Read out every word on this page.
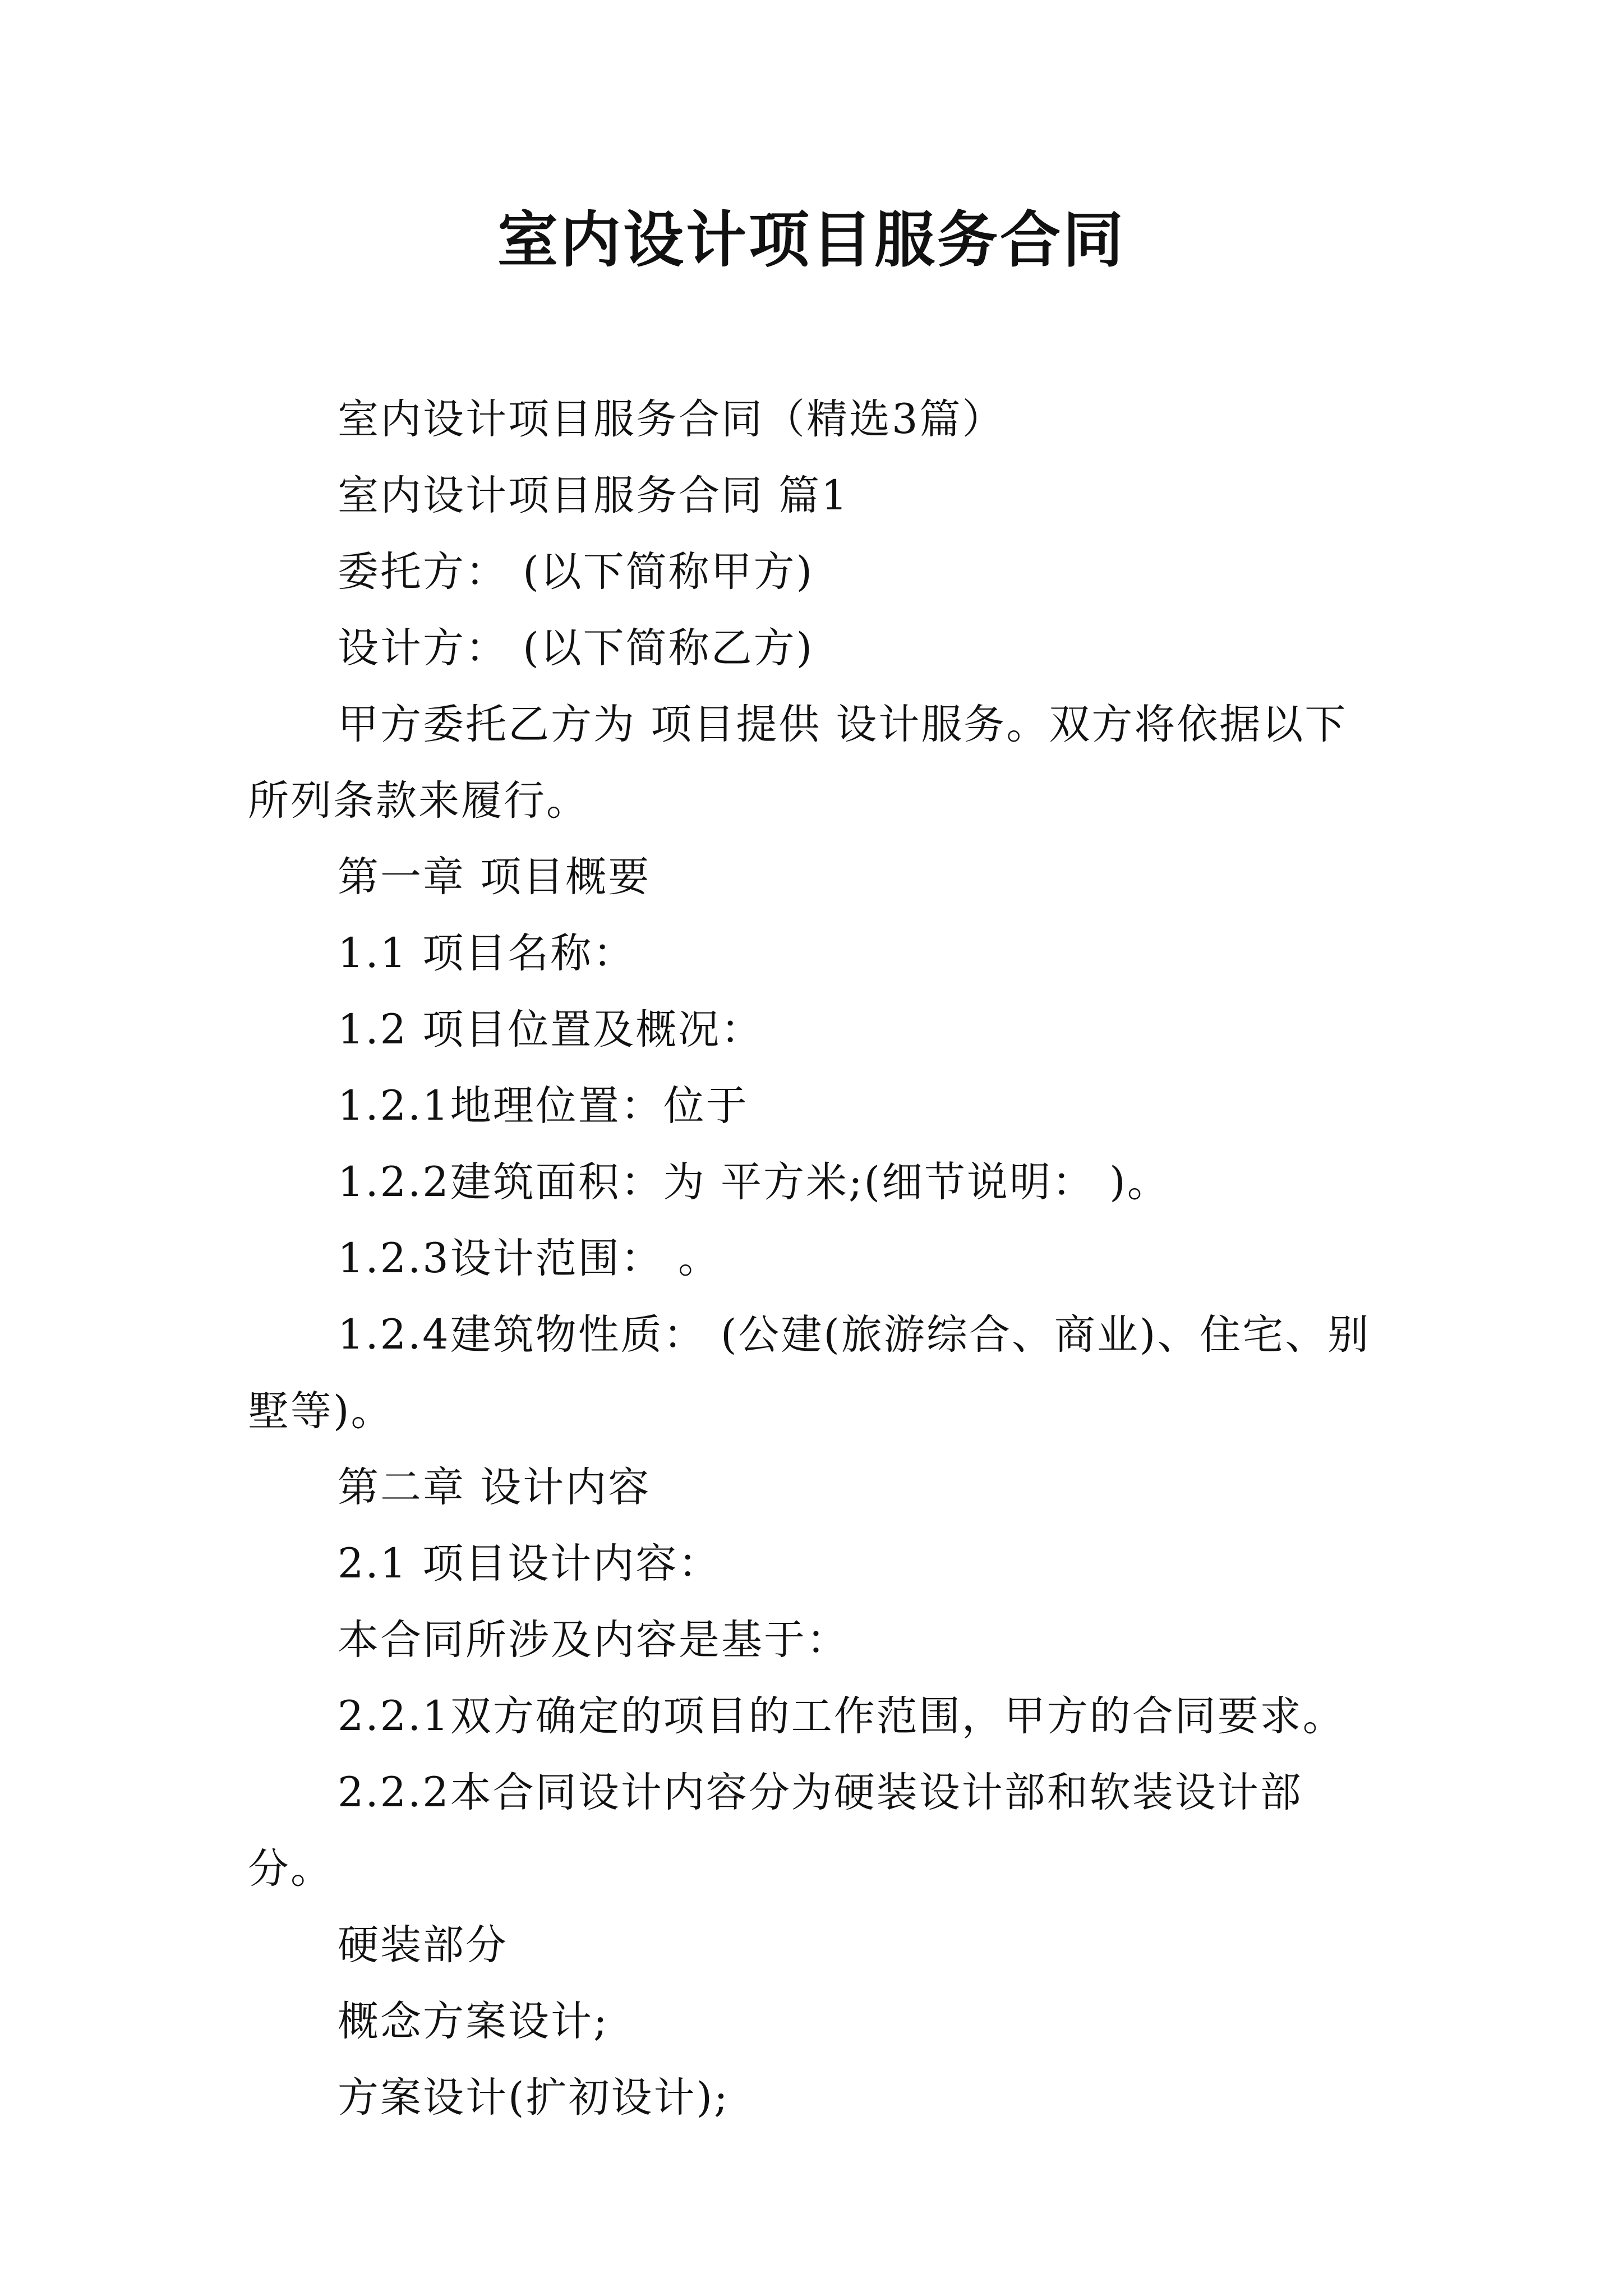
室内设计项目服务合同

室内设计项目服务合同（精选3篇）

室内设计项目服务合同 篇1

委托方： (以下简称甲方)

设计方： (以下简称乙方)

甲方委托乙方为 项目提供 设计服务。双方将依据以下所列条款来履行。

第一章 项目概要

1.1 项目名称：

1.2 项目位置及概况：

1.2.1地理位置：位于

1.2.2建筑面积：为 平方米;(细节说明： )。

1.2.3设计范围： 。

1.2.4建筑物性质： (公建(旅游综合、商业)、住宅、别墅等)。

第二章 设计内容

2.1 项目设计内容：

本合同所涉及内容是基于：

2.2.1双方确定的项目的工作范围，甲方的合同要求。

2.2.2本合同设计内容分为硬装设计部和软装设计部分。

硬装部分

概念方案设计;

方案设计(扩初设计);
